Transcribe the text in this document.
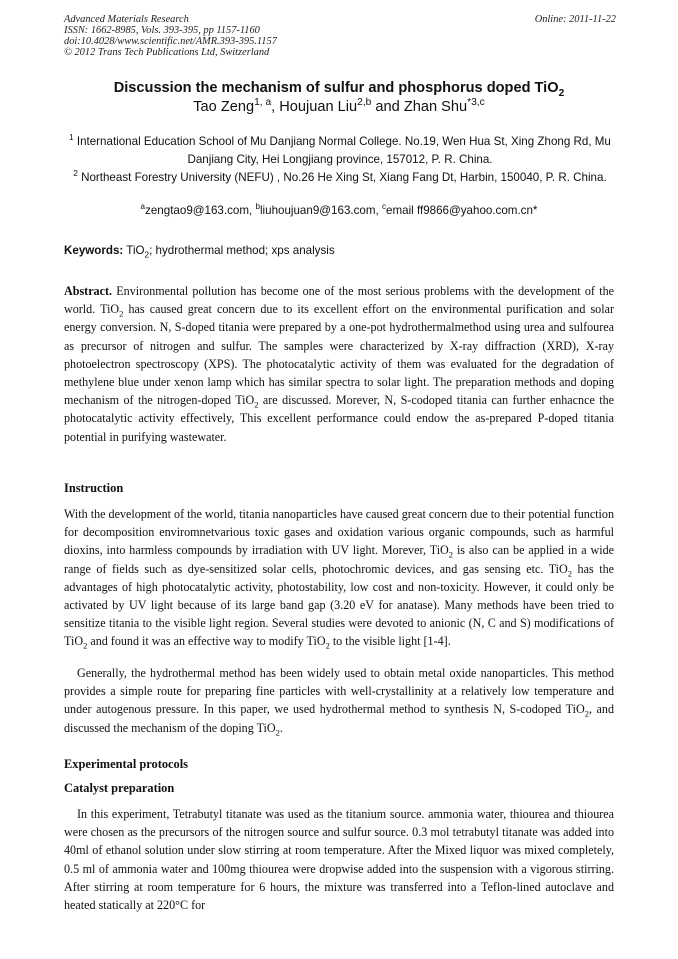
Advanced Materials Research
ISSN: 1662-8985, Vols. 393-395, pp 1157-1160
doi:10.4028/www.scientific.net/AMR.393-395.1157
© 2012 Trans Tech Publications Ltd, Switzerland
Online: 2011-11-22
Discussion the mechanism of sulfur and phosphorus doped TiO$_2$
Tao Zeng$^{1, a}$, Houjuan Liu$^{2,b}$ and Zhan Shu$^{*3,c}$
$^1$ International Education School of Mu Danjiang Normal College. No.19, Wen Hua St, Xing Zhong Rd, Mu Danjiang City, Hei Longjiang province, 157012, P. R. China.
$^2$ Northeast Forestry University (NEFU) , No.26 He Xing St, Xiang Fang Dt, Harbin, 150040, P. R. China.
$^a$zengtao9@163.com, $^b$liuhoujuan9@163.com, $^c$email ff9866@yahoo.com.cn*
Keywords: TiO$_2$; hydrothermal method; xps analysis
Abstract. Environmental pollution has become one of the most serious problems with the development of the world. TiO$_2$ has caused great concern due to its excellent effort on the environmental purification and solar energy conversion. N, S-doped titania were prepared by a one-pot hydrothermalmethod using urea and sulfourea as precursor of nitrogen and sulfur. The samples were characterized by X-ray diffraction (XRD), X-ray photoelectron spectroscopy (XPS). The photocatalytic activity of them was evaluated for the degradation of methylene blue under xenon lamp which has similar spectra to solar light. The preparation methods and doping mechanism of the nitrogen-doped TiO$_2$ are discussed. Morever, N, S-codoped titania can further enhacnce the photocatalytic activity effectively, This excellent performance could endow the as-prepared P-doped titania potential in purifying wastewater.
Instruction
With the development of the world, titania nanoparticles have caused great concern due to their potential function for decomposition enviromnetvarious toxic gases and oxidation various organic compounds, such as harmful dioxins, into harmless compounds by irradiation with UV light. Morever, TiO$_2$ is also can be applied in a wide range of fields such as dye-sensitized solar cells, photochromic devices, and gas sensing etc. TiO$_2$ has the advantages of high photocatalytic activity, photostability, low cost and non-toxicity. However, it could only be activated by UV light because of its large band gap (3.20 eV for anatase). Many methods have been tried to sensitize titania to the visible light region. Several studies were devoted to anionic (N, C and S) modifications of TiO$_2$ and found it was an effective way to modify TiO$_2$ to the visible light [1-4].
Generally, the hydrothermal method has been widely used to obtain metal oxide nanoparticles. This method provides a simple route for preparing fine particles with well-crystallinity at a relatively low temperature and under autogenous pressure. In this paper, we used hydrothermal method to synthesis N, S-codoped TiO$_2$, and discussed the mechanism of the doping TiO$_2$.
Experimental protocols
Catalyst preparation
In this experiment, Tetrabutyl titanate was used as the titanium source. ammonia water, thiourea and thiourea were chosen as the precursors of the nitrogen source and sulfur source. 0.3 mol tetrabutyl titanate was added into 40ml of ethanol solution under slow stirring at room temperature. After the Mixed liquor was mixed completely, 0.5 ml of ammonia water and 100mg thiourea were dropwise added into the suspension with a vigorous stirring. After stirring at room temperature for 6 hours, the mixture was transferred into a Teflon-lined autoclave and heated statically at 220°C for
